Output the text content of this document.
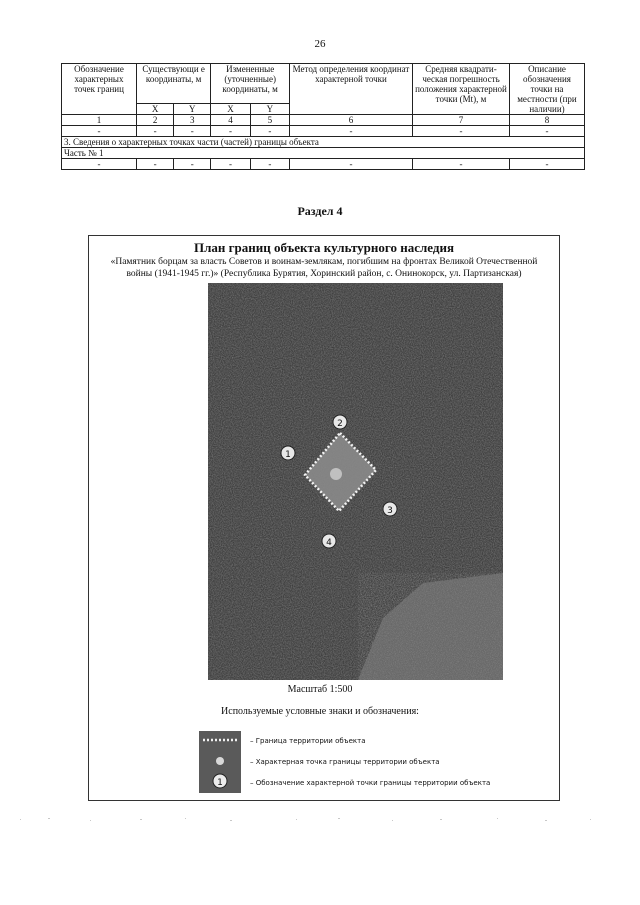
26
Обозначение характерных точек границ	Существующи е координаты, м		Измененные (уточненные) координаты, м		Метод определения координат характерной точки	Средняя квадрати- ческая погрешность положения характерной точки (Mt), м	Описание обозначения точки на местности (при наличии)
	X	Y	X	Y			
1	2	3	4	5	6	7	8
-	-	-	-	-	-	-	-
3. Сведения о характерных точках части (частей) границы объекта							
Часть № 1							
-	-	-	-	-	-	-	-
Раздел 4
План границ объекта культурного наследия
«Памятник борцам за власть Советов и воинам-землякам, погибшим на фронтах Великой Отечественной войны (1941-1945 гг.)» (Республика Бурятия, Хоринский район, с. Онинокорск, ул. Партизанская)
1
2
3
4
Масштаб 1:500
Используемые условные знаки и обозначения:
1
– Граница территории объекта
– Характерная точка границы территории объекта
– Обозначение характерной точки границы территории объекта
